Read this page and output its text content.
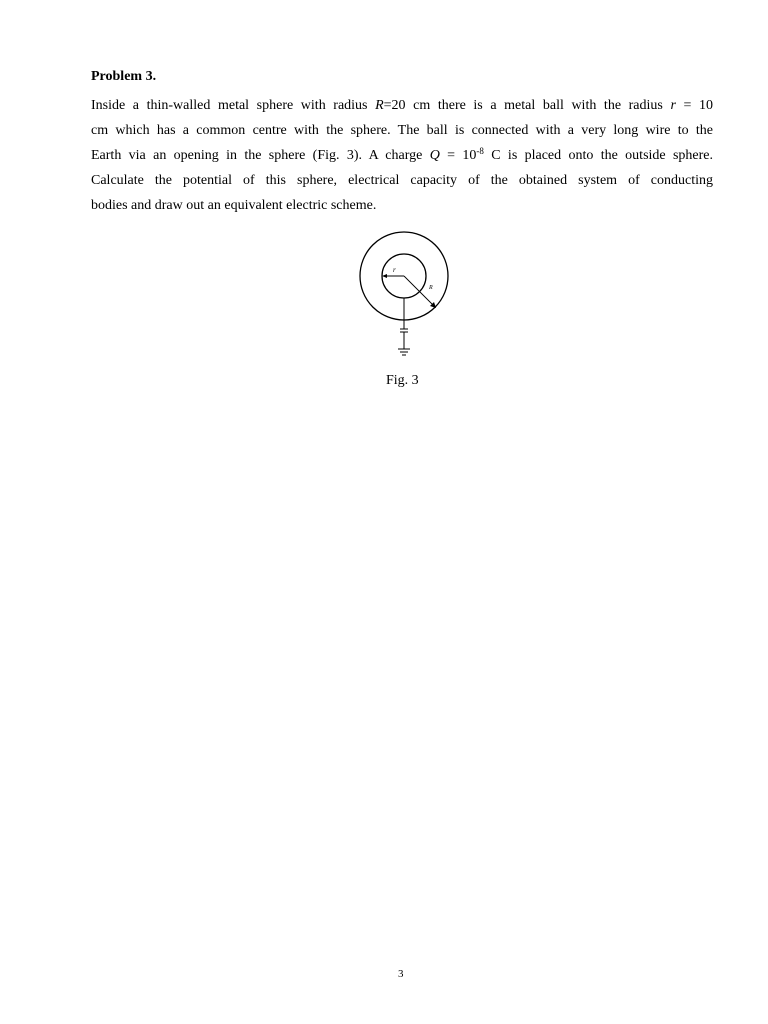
Problem 3.
Inside a thin-walled metal sphere with radius R=20 cm there is a metal ball with the radius r = 10
cm which has a common centre with the sphere. The ball is connected with a very long wire to the
Earth via an opening in the sphere (Fig. 3). A charge $Q = 10^{-8}$ C is placed onto the outside sphere.
Calculate the potential of this sphere, electrical capacity of the obtained system of conducting
bodies and draw out an equivalent electric scheme.
r
R
Fig. 3
3
